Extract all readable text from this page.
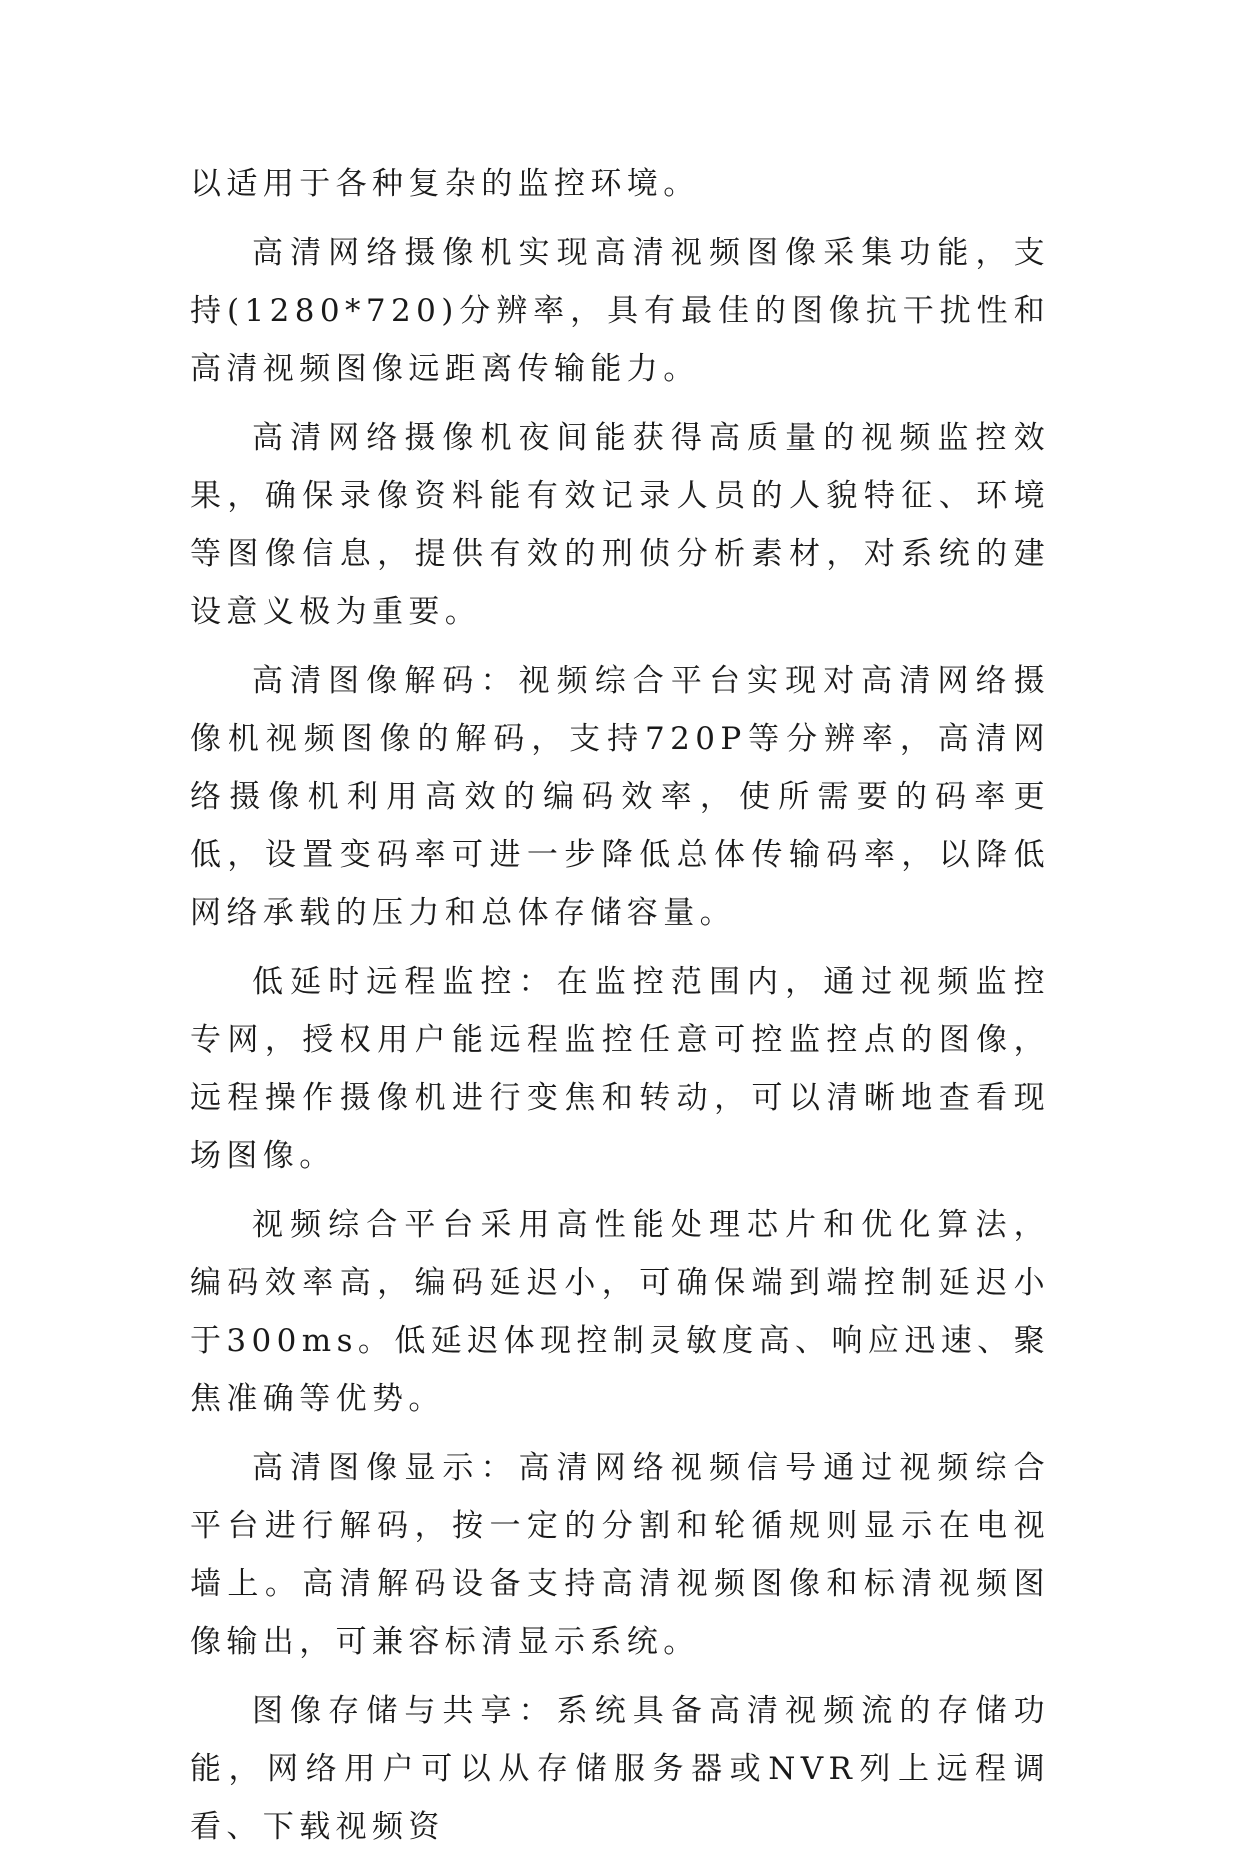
以适用于各种复杂的监控环境。

高清网络摄像机实现高清视频图像采集功能，支持(1280*720)分辨率，具有最佳的图像抗干扰性和高清视频图像远距离传输能力。

高清网络摄像机夜间能获得高质量的视频监控效果，确保录像资料能有效记录人员的人貌特征、环境等图像信息，提供有效的刑侦分析素材，对系统的建设意义极为重要。

高清图像解码：视频综合平台实现对高清网络摄像机视频图像的解码，支持720P等分辨率，高清网络摄像机利用高效的编码效率，使所需要的码率更低，设置变码率可进一步降低总体传输码率，以降低网络承载的压力和总体存储容量。

低延时远程监控：在监控范围内，通过视频监控专网，授权用户能远程监控任意可控监控点的图像，远程操作摄像机进行变焦和转动，可以清晰地查看现场图像。

视频综合平台采用高性能处理芯片和优化算法，编码效率高，编码延迟小，可确保端到端控制延迟小于300ms。低延迟体现控制灵敏度高、响应迅速、聚焦准确等优势。

高清图像显示：高清网络视频信号通过视频综合平台进行解码，按一定的分割和轮循规则显示在电视墙上。高清解码设备支持高清视频图像和标清视频图像输出，可兼容标清显示系统。

图像存储与共享：系统具备高清视频流的存储功能，网络用户可以从存储服务器或NVR列上远程调看、下载视频资
